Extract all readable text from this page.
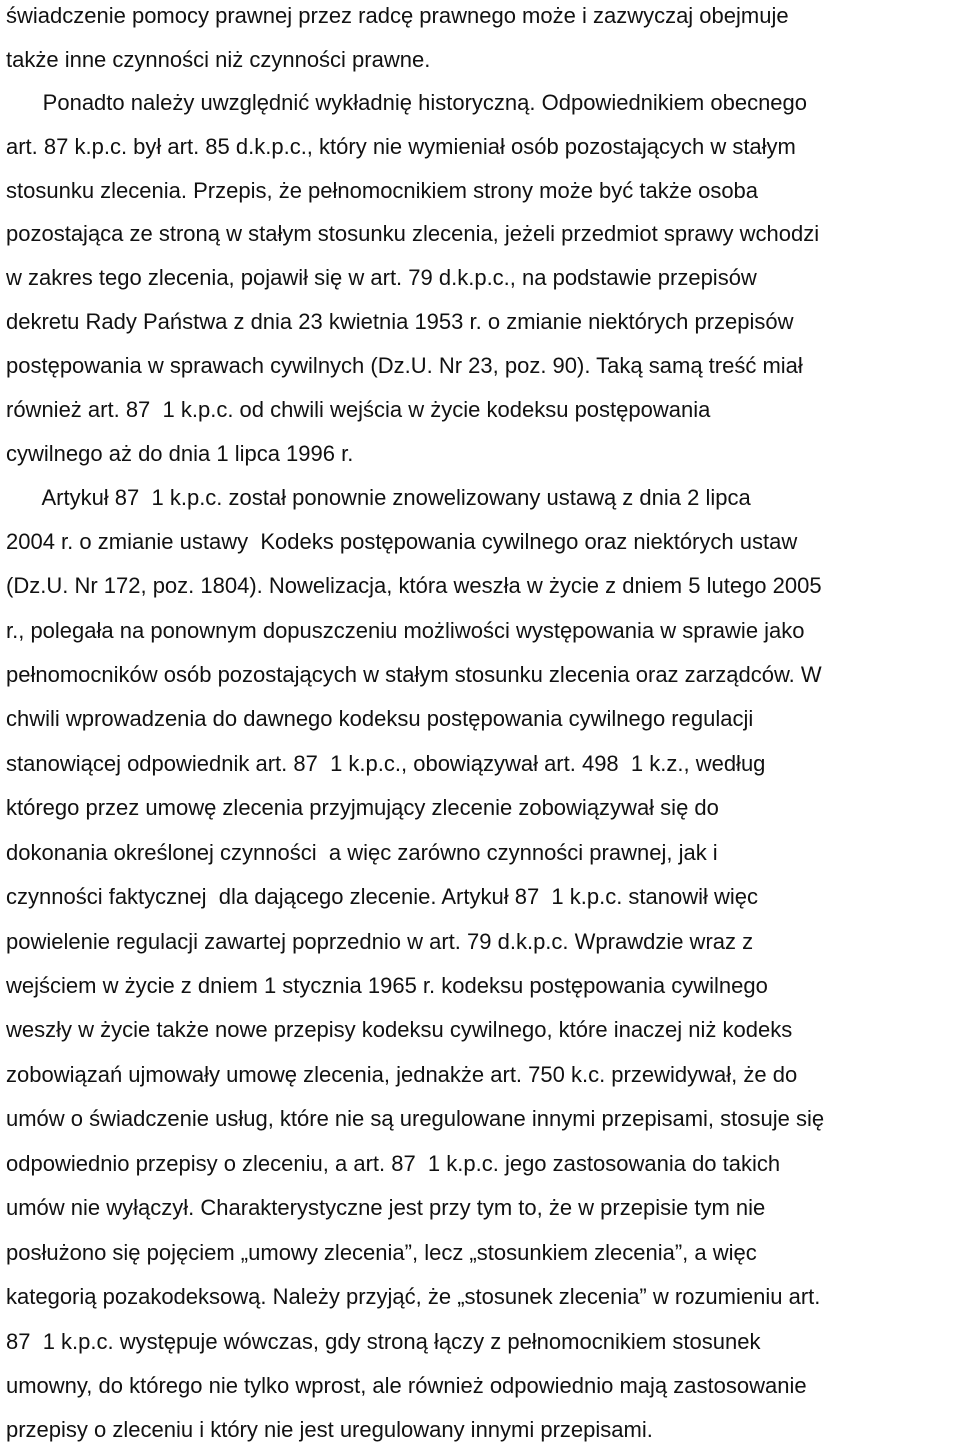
świadczenie pomocy prawnej przez radcę prawnego może i zazwyczaj obejmuje
także inne czynności niż czynności prawne.
Ponadto należy uwzględnić wykładnię historyczną. Odpowiednikiem obecnego
art. 87 k.p.c. był art. 85 d.k.p.c., który nie wymieniał osób pozostających w stałym
stosunku zlecenia. Przepis, że pełnomocnikiem strony może być także osoba
pozostająca ze stroną w stałym stosunku zlecenia, jeżeli przedmiot sprawy wchodzi
w zakres tego zlecenia, pojawił się w art. 79 d.k.p.c., na podstawie przepisów
dekretu Rady Państwa z dnia 23 kwietnia 1953 r. o zmianie niektórych przepisów
postępowania w sprawach cywilnych (Dz.U. Nr 23, poz. 90). Taką samą treść miał
również art. 87  1 k.p.c. od chwili wejścia w życie kodeksu postępowania
cywilnego aż do dnia 1 lipca 1996 r.
Artykuł 87  1 k.p.c. został ponownie znowelizowany ustawą z dnia 2 lipca
2004 r. o zmianie ustawy  Kodeks postępowania cywilnego oraz niektórych ustaw
(Dz.U. Nr 172, poz. 1804). Nowelizacja, która weszła w życie z dniem 5 lutego 2005
r., polegała na ponownym dopuszczeniu możliwości występowania w sprawie jako
pełnomocników osób pozostających w stałym stosunku zlecenia oraz zarządców. W
chwili wprowadzenia do dawnego kodeksu postępowania cywilnego regulacji
stanowiącej odpowiednik art. 87  1 k.p.c., obowiązywał art. 498  1 k.z., według
którego przez umowę zlecenia przyjmujący zlecenie zobowiązywał się do
dokonania określonej czynności  a więc zarówno czynności prawnej, jak i
czynności faktycznej  dla dającego zlecenie. Artykuł 87  1 k.p.c. stanowił więc
powielenie regulacji zawartej poprzednio w art. 79 d.k.p.c. Wprawdzie wraz z
wejściem w życie z dniem 1 stycznia 1965 r. kodeksu postępowania cywilnego
weszły w życie także nowe przepisy kodeksu cywilnego, które inaczej niż kodeks
zobowiązań ujmowały umowę zlecenia, jednakże art. 750 k.c. przewidywał, że do
umów o świadczenie usług, które nie są uregulowane innymi przepisami, stosuje się
odpowiednio przepisy o zleceniu, a art. 87  1 k.p.c. jego zastosowania do takich
umów nie wyłączył. Charakterystyczne jest przy tym to, że w przepisie tym nie
posłużono się pojęciem „umowy zlecenia”, lecz „stosunkiem zlecenia”, a więc
kategorią pozakodeksową. Należy przyjąć, że „stosunek zlecenia” w rozumieniu art.
87  1 k.p.c. występuje wówczas, gdy stroną łączy z pełnomocnikiem stosunek
umowny, do którego nie tylko wprost, ale również odpowiednio mają zastosowanie
przepisy o zleceniu i który nie jest uregulowany innymi przepisami.
